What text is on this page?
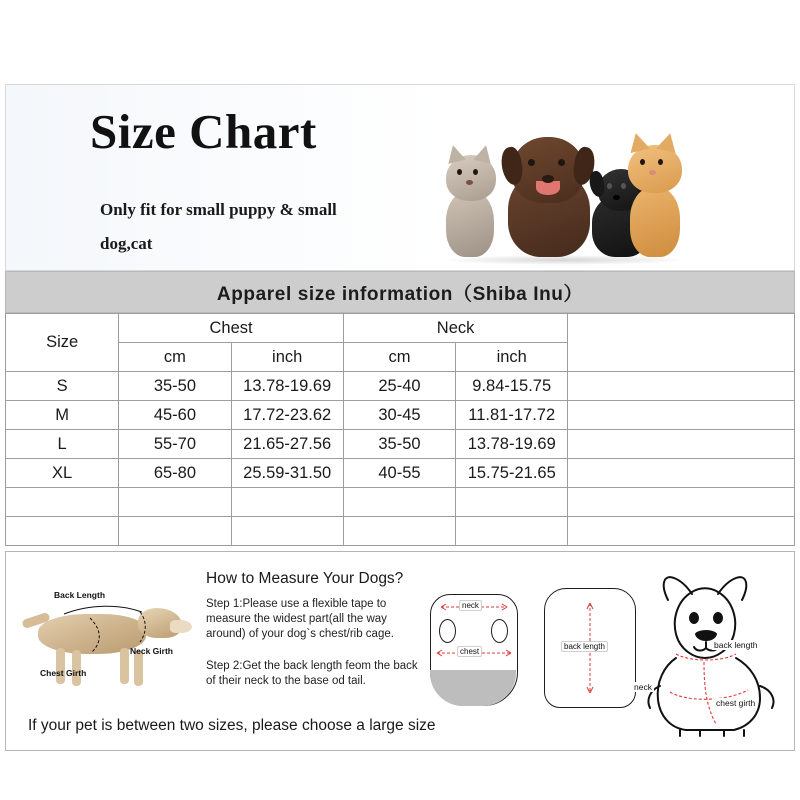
Size Chart
Only fit for small puppy & small
dog,cat
Apparel size information（Shiba Inu）
Size	Chest		Neck		
	cm	inch	cm	inch	
S	35-50	13.78-19.69	25-40	9.84-15.75	
M	45-60	17.72-23.62	30-45	11.81-17.72	
L	55-70	21.65-27.56	35-50	13.78-19.69	
XL	65-80	25.59-31.50	40-55	15.75-21.65	

Back Length
Neck Girth
Chest Girth
How to Measure Your Dogs?
Step 1:Please use a flexible tape to measure the widest part(all the way around) of your dog`s chest/rib cage.
Step 2:Get the back length feom the back of their neck to the base od tail.
If your pet is between two sizes, please choose a large size
neck
chest
back length
neck
back length
chest girth
